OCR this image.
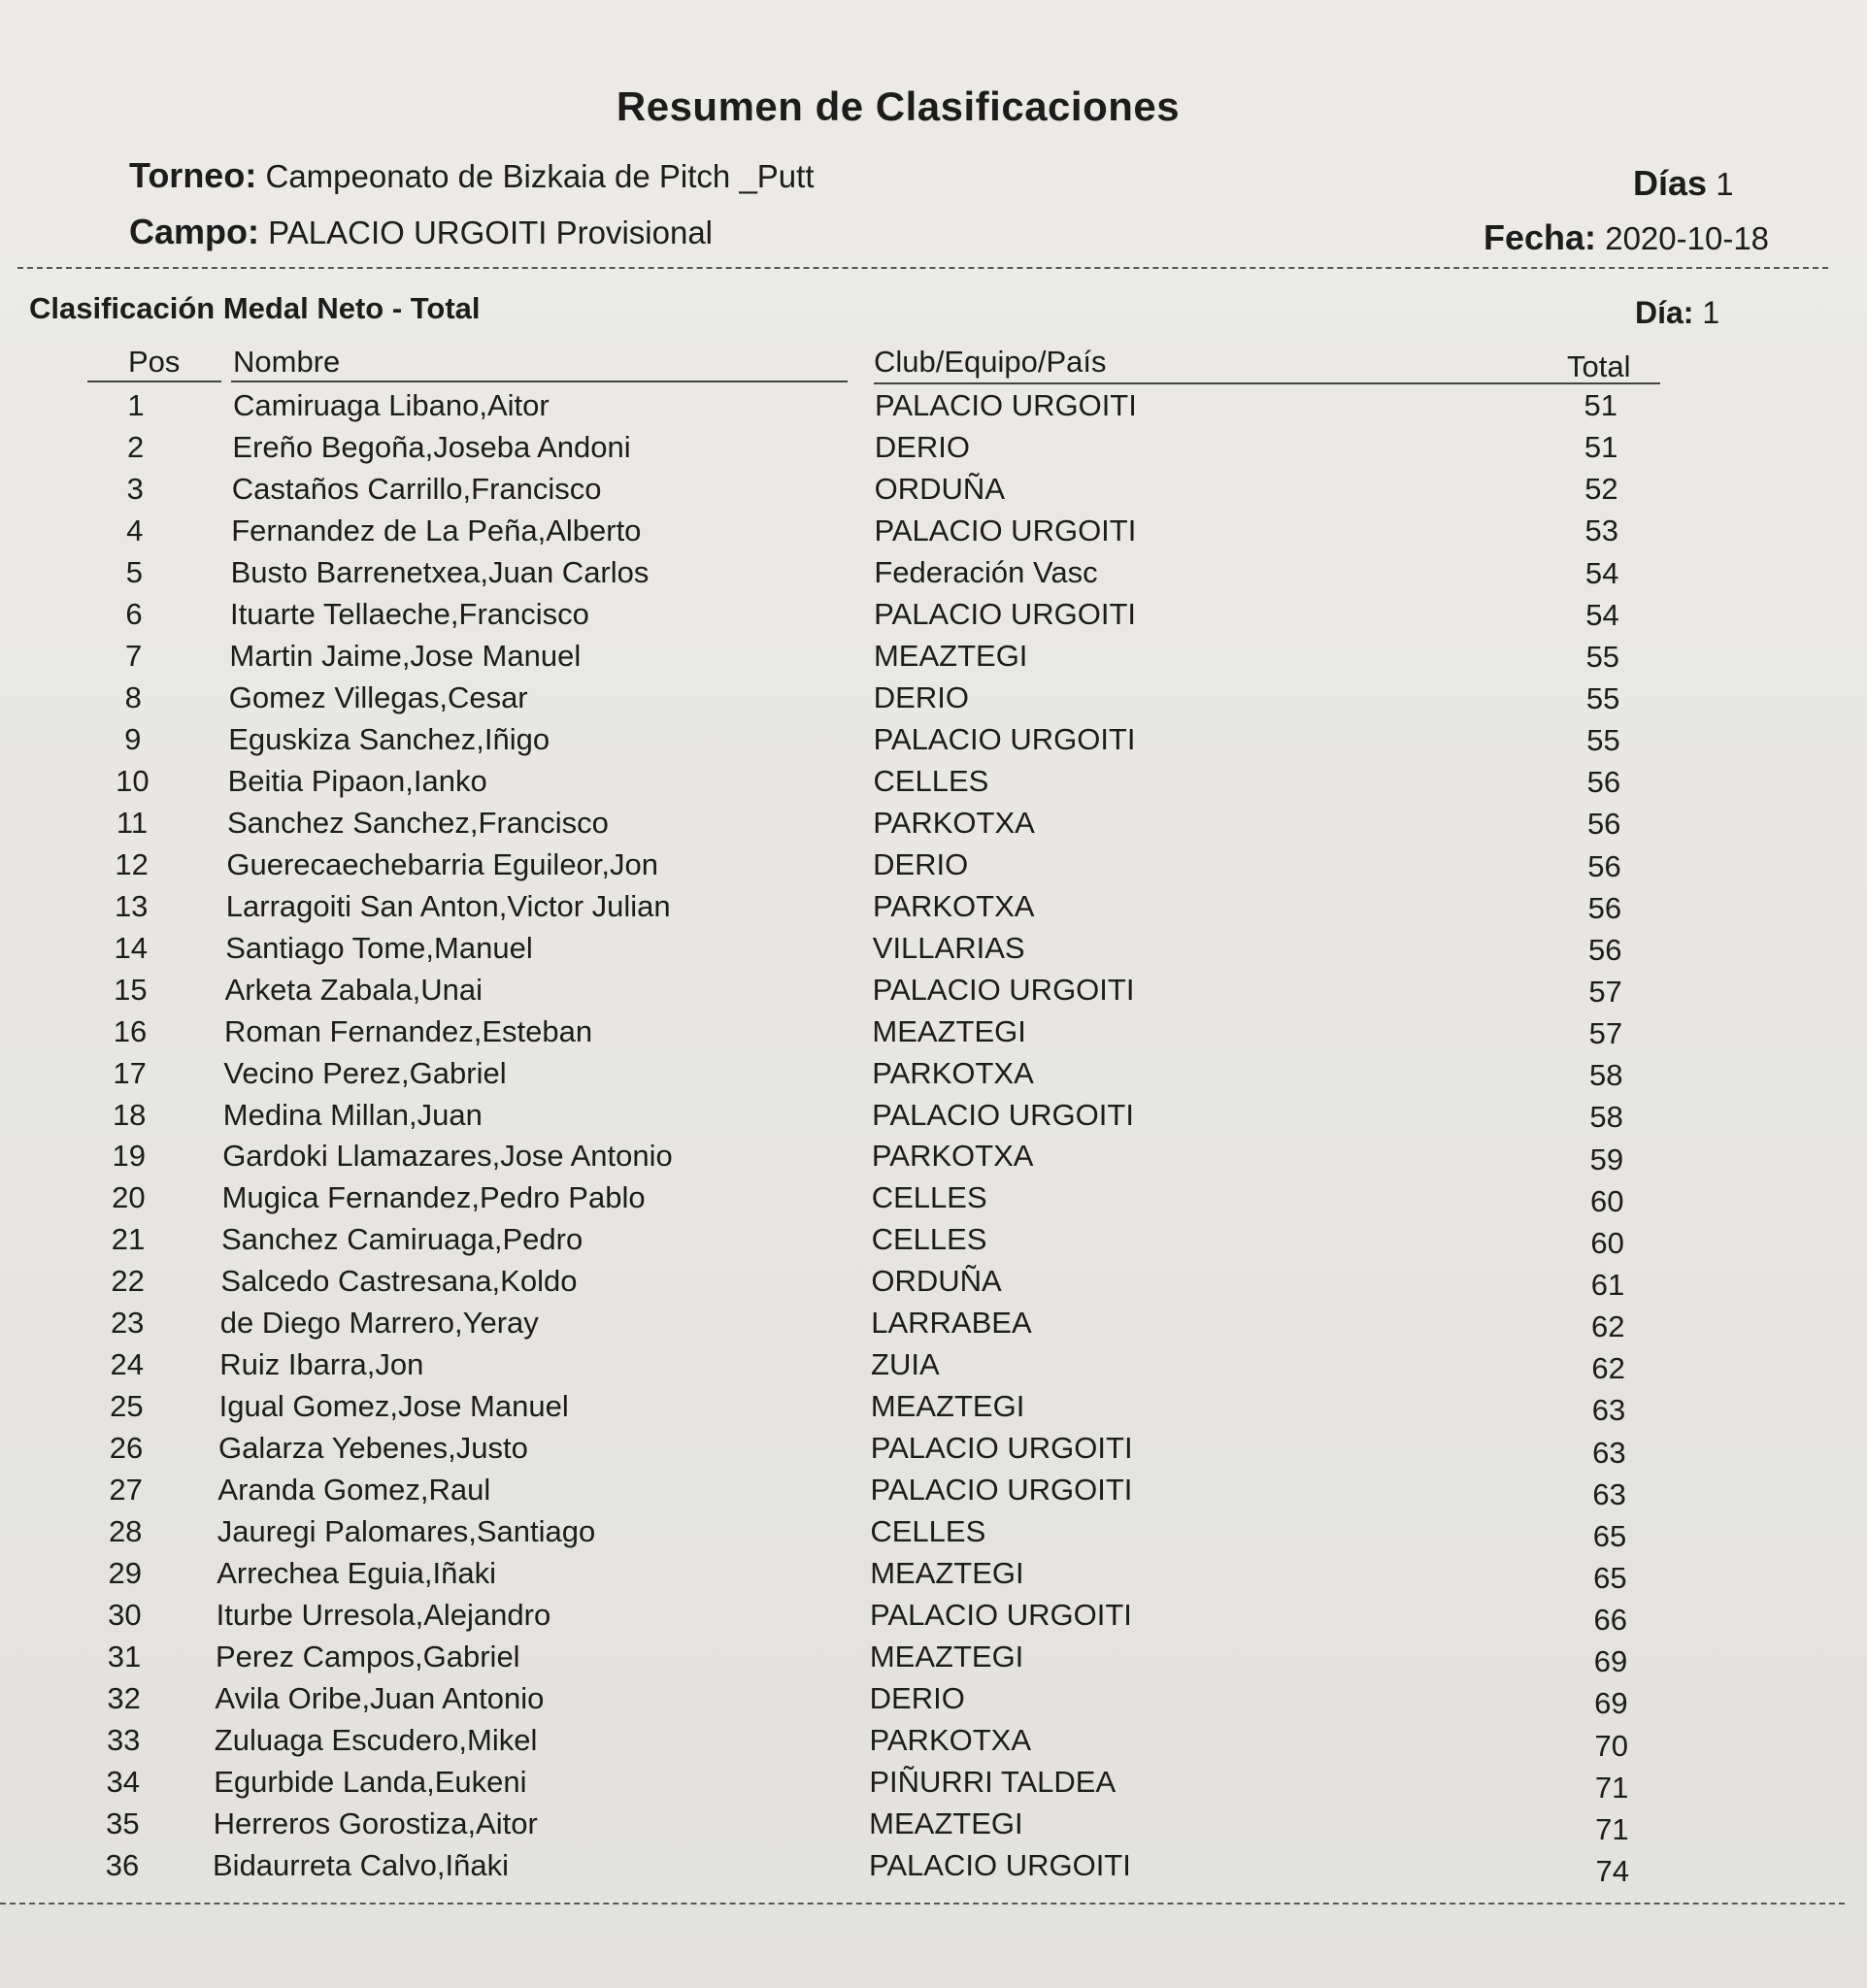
Resumen de Clasificaciones
Torneo: Campeonato de Bizkaia de Pitch _Putt
Campo: PALACIO URGOITI Provisional
Días 1
Fecha: 2020-10-18
Clasificación Medal Neto - Total	Día: 1
Pos Nombre	Club/Equipo/País	Total
1	Camiruaga Libano,Aitor	PALACIO URGOITI	51
2	Ereño Begoña,Joseba Andoni	DERIO	51
3	Castaños Carrillo,Francisco	ORDUÑA	52
4	Fernandez de La Peña,Alberto	PALACIO URGOITI	53
5	Busto Barrenetxea,Juan Carlos	Federación Vasc	54
6	Ituarte Tellaeche,Francisco	PALACIO URGOITI	54
7	Martin Jaime,Jose Manuel	MEAZTEGI	55
8	Gomez Villegas,Cesar	DERIO	55
9	Eguskiza Sanchez,Iñigo	PALACIO URGOITI	55
10	Beitia Pipaon,Ianko	CELLES	56
11	Sanchez Sanchez,Francisco	PARKOTXA	56
12	Guerecaechebarria Eguileor,Jon	DERIO	56
13	Larragoiti San Anton,Victor Julian	PARKOTXA	56
14	Santiago Tome,Manuel	VILLARIAS	56
15	Arketa Zabala,Unai	PALACIO URGOITI	57
16	Roman Fernandez,Esteban	MEAZTEGI	57
17	Vecino Perez,Gabriel	PARKOTXA	58
18	Medina Millan,Juan	PALACIO URGOITI	58
19	Gardoki Llamazares,Jose Antonio	PARKOTXA	59
20	Mugica Fernandez,Pedro Pablo	CELLES	60
21	Sanchez Camiruaga,Pedro	CELLES	60
22	Salcedo Castresana,Koldo	ORDUÑA	61
23	de Diego Marrero,Yeray	LARRABEA	62
24	Ruiz Ibarra,Jon	ZUIA	62
25	Igual Gomez,Jose Manuel	MEAZTEGI	63
26	Galarza Yebenes,Justo	PALACIO URGOITI	63
27	Aranda Gomez,Raul	PALACIO URGOITI	63
28	Jauregi Palomares,Santiago	CELLES	65
29	Arrechea Eguia,Iñaki	MEAZTEGI	65
30	Iturbe Urresola,Alejandro	PALACIO URGOITI	66
31	Perez Campos,Gabriel	MEAZTEGI	69
32	Avila Oribe,Juan Antonio	DERIO	69
33	Zuluaga Escudero,Mikel	PARKOTXA	70
34	Egurbide Landa,Eukeni	PIÑURRI TALDEA	71
35	Herreros Gorostiza,Aitor	MEAZTEGI	71
36	Bidaurreta Calvo,Iñaki	PALACIO URGOITI	74
